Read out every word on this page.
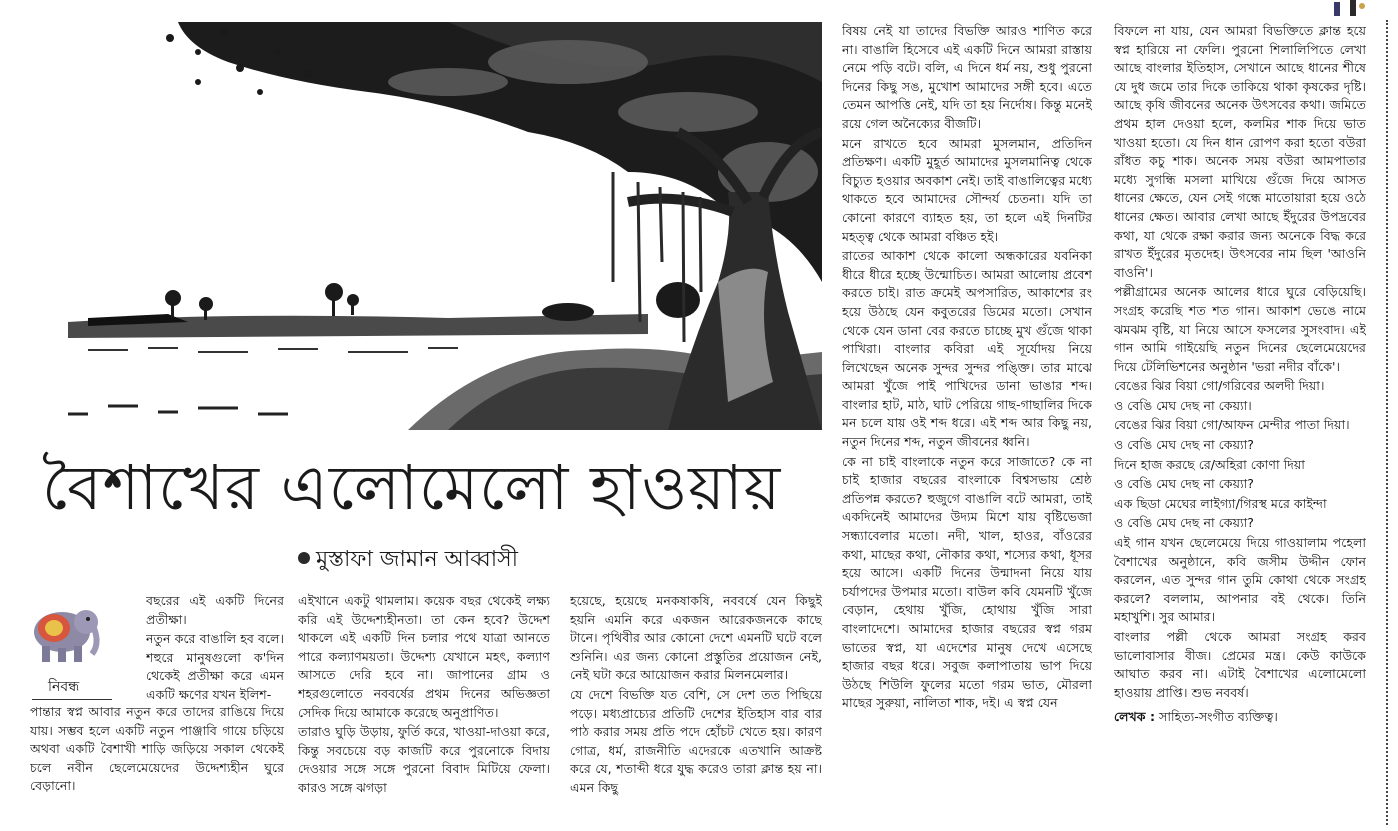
বৈশাখের এলোমেলো হাওয়ায়
মুস্তাফা জামান আব্বাসী
নিবন্ধ

বছরের এই একটি দিনের প্রতীক্ষা।

নতুন করে বাঙালি হব বলে। শহুরে মানুষগুলো ক'দিন থেকেই প্রতীক্ষা করে এমন একটি ক্ষণের যখন ইলিশ-

পান্তার স্বপ্ন আবার নতুন করে তাদের রাঙিয়ে দিয়ে যায়। সম্ভব হলে একটি নতুন পাঞ্জাবি গায়ে চড়িয়ে অথবা একটি বৈশাখী শাড়ি জড়িয়ে সকাল থেকেই চলে নবীন ছেলেমেয়েদের উদ্দেশ্যহীন ঘুরে বেড়ানো।

এইখানে একটু থামলাম। কয়েক বছর থেকেই লক্ষ্য করি এই উদ্দেশ্যহীনতা। তা কেন হবে? উদ্দেশ থাকলে এই একটি দিন চলার পথে যাত্রা আনতে পারে কল্যাণময়তা। উদ্দেশ্য যেখানে মহৎ, কল্যাণ আসতে দেরি হবে না। জাপানের গ্রাম ও শহরগুলোতে নববর্ষের প্রথম দিনের অভিজ্ঞতা সেদিক দিয়ে আমাকে করেছে অনুপ্রাণিত।

তারাও ঘুড়ি উড়ায়, ফুর্তি করে, খাওয়া-দাওয়া করে, কিন্তু সবচেয়ে বড় কাজটি করে পুরনোকে বিদায় দেওয়ার সঙ্গে সঙ্গে পুরনো বিবাদ মিটিয়ে ফেলা। কারও সঙ্গে ঝগড়া

হয়েছে, হয়েছে মনকষাকষি, নববর্ষে যেন কিছুই হয়নি এমনি করে একজন আরেকজনকে কাছে টানে। পৃথিবীর আর কোনো দেশে এমনটি ঘটে বলে শুনিনি। এর জন্য কোনো প্রস্তুতির প্রয়োজন নেই, নেই ঘটা করে আয়োজন করার মিলনমেলার।

যে দেশে বিভক্তি যত বেশি, সে দেশ তত পিছিয়ে পড়ে। মধ্যপ্রাচ্যের প্রতিটি দেশের ইতিহাস বার বার পাঠ করার সময় প্রতি পদে হোঁচট খেতে হয়। কারণ গোত্র, ধর্ম, রাজনীতি এদেরকে এতখানি আক্রষ্ট করে যে, শতাব্দী ধরে যুদ্ধ করেও তারা ক্লান্ত হয় না। এমন কিছু

বিষয় নেই যা তাদের বিভক্তি আরও শাণিত করে না। বাঙালি হিসেবে এই একটি দিনে আমরা রাস্তায় নেমে পড়ি বটে। বলি, এ দিনে ধর্ম নয়, শুধু পুরনো দিনের কিছু সঙ, মুখোশ আমাদের সঙ্গী হবে। এতে তেমন আপত্তি নেই, যদি তা হয় নির্দোষ। কিন্তু মনেই রয়ে গেল অনৈক্যের বীজটি।

মনে রাখতে হবে আমরা মুসলমান, প্রতিদিন প্রতিক্ষণ। একটি মুহূর্ত আমাদের মুসলমানিত্ব থেকে বিচ্যুত হওয়ার অবকাশ নেই। তাই বাঙালিত্বের মধ্যে থাকতে হবে আমাদের সৌন্দর্য চেতনা। যদি তা কোনো কারণে ব্যাহত হয়, তা হলে এই দিনটির মহত্ত্ব থেকে আমরা বঞ্চিত হই।

রাতের আকাশ থেকে কালো অন্ধকারের যবনিকা ধীরে ধীরে হচ্ছে উন্মোচিত। আমরা আলোয় প্রবেশ করতে চাই। রাত ক্রমেই অপসারিত, আকাশের রং হয়ে উঠছে যেন কবুতরের ডিমের মতো। সেখান থেকে যেন ডানা বের করতে চাচ্ছে মুখ গুঁজে থাকা পাখিরা। বাংলার কবিরা এই সূর্যোদয় নিয়ে লিখেছেন অনেক সুন্দর সুন্দর পঙ্ক্তি। তার মাঝে আমরা খুঁজে পাই পাখিদের ডানা ভাঙার শব্দ। বাংলার হাট, মাঠ, ঘাট পেরিয়ে গাছ-গাছালির দিকে মন চলে যায় ওই শব্দ ধরে। এই শব্দ আর কিছু নয়, নতুন দিনের শব্দ, নতুন জীবনের ধ্বনি।

কে না চাই বাংলাকে নতুন করে সাজাতে? কে না চাই হাজার বছরের বাংলাকে বিশ্বসভায় শ্রেষ্ঠ প্রতিপন্ন করতে? হুজুগে বাঙালি বটে আমরা, তাই একদিনেই আমাদের উদ্যম মিশে যায় বৃষ্টিভেজা সন্ধ্যাবেলার মতো। নদী, খাল, হাওর, বাঁওরের কথা, মাছের কথা, নৌকার কথা, শস্যের কথা, ধূসর হয়ে আসে। একটি দিনের উন্মাদনা নিয়ে যায় চর্যাপদের উপমার মতো। বাউল কবি যেমনটি খুঁজে বেড়ান, হেথায় খুঁজি, হোথায় খুঁজি সারা বাংলাদেশে। আমাদের হাজার বছরের স্বপ্ন গরম ভাতের স্বপ্ন, যা এদেশের মানুষ দেখে এসেছে হাজার বছর ধরে। সবুজ কলাপাতায় ভাপ দিয়ে উঠছে শিউলি ফুলের মতো গরম ভাত, মৌরলা মাছের সুরুয়া, নালিতা শাক, দই। এ স্বপ্ন যেন

বিফলে না যায়, যেন আমরা বিভক্তিতে ক্লান্ত হয়ে স্বপ্ন হারিয়ে না ফেলি। পুরনো শিলালিপিতে লেখা আছে বাংলার ইতিহাস, সেখানে আছে ধানের শীষে যে দুধ জমে তার দিকে তাকিয়ে থাকা কৃষকের দৃষ্টি। আছে কৃষি জীবনের অনেক উৎসবের কথা। জমিতে প্রথম হাল দেওয়া হলে, কলমির শাক দিয়ে ভাত খাওয়া হতো। যে দিন ধান রোপণ করা হতো বউরা রাঁধত কচু শাক। অনেক সময় বউরা আমপাতার মধ্যে সুগন্ধি মসলা মাখিয়ে গুঁজে দিয়ে আসত ধানের ক্ষেতে, যেন সেই গন্ধে মাতোয়ারা হয়ে ওঠে ধানের ক্ষেত। আবার লেখা আছে ইঁদুরের উপদ্রবের কথা, যা থেকে রক্ষা করার জন্য অনেকে বিদ্ধ করে রাখত ইঁদুরের মৃতদেহ। উৎসবের নাম ছিল 'আওনি বাওনি'।

পল্লীগ্রামের অনেক আলের ধারে ঘুরে বেড়িয়েছি। সংগ্রহ করেছি শত শত গান। আকাশ ভেঙে নামে ঝমঝম বৃষ্টি, যা নিয়ে আসে ফসলের সুসংবাদ। এই গান আমি গাইয়েছি নতুন দিনের ছেলেমেয়েদের দিয়ে টেলিভিশনের অনুষ্ঠান 'ভরা নদীর বাঁকে'।

বেঙের ঝির বিয়া গো/গরিবের অলদী দিয়া।

ও বেঙি মেঘ দেছ না কেয়্যা।

বেঙের ঝির বিয়া গো/আফন মেন্দীর পাতা দিয়া।

ও বেঙি মেঘ দেছ না কেয়্যা?

দিনে হাজ করছে রে/অহিরা কোণা দিয়া

ও বেঙি মেঘ দেছ না কেয়্যা?

এক ছিডা মেঘের লাইগ্যা/গিরস্থ মরে কাইন্দা

ও বেঙি মেঘ দেছ না কেয়্যা?

এই গান যখন ছেলেমেয়ে দিয়ে গাওয়ালাম পহেলা বৈশাখের অনুষ্ঠানে, কবি জসীম উদ্দীন ফোন করলেন, এত সুন্দর গান তুমি কোথা থেকে সংগ্রহ করলে? বললাম, আপনার বই থেকে। তিনি মহাখুশি। সুর আমার।

বাংলার পল্লী থেকে আমরা সংগ্রহ করব ভালোবাসার বীজ। প্রেমের মন্ত্র। কেউ কাউকে আঘাত করব না। এটাই বৈশাখের এলোমেলো হাওয়ায় প্রাপ্তি। শুভ নববর্ষ।

লেখক : সাহিত্য-সংগীত ব্যক্তিত্ব।
